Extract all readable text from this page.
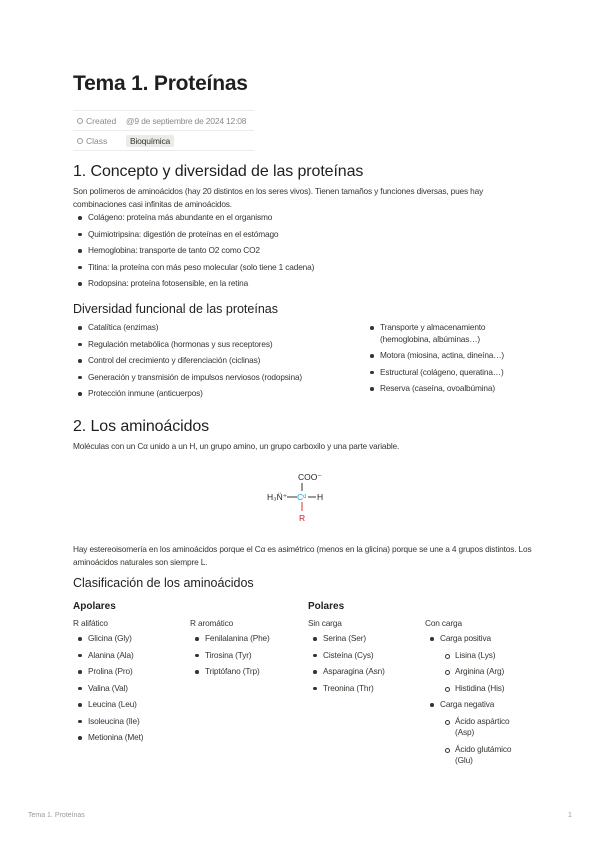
Tema 1. Proteínas
Created	@9 de septiembre de 2024 12:08
Class	Bioquímica
1. Concepto y diversidad de las proteínas

Son polímeros de aminoácidos (hay 20 distintos en los seres vivos). Tienen tamaños y funciones diversas, pues hay combinaciones casi infinitas de aminoácidos.

Colágeno: proteína más abundante en el organismo
Quimiotripsina: digestión de proteínas en el estómago
Hemoglobina: transporte de tanto O2 como CO2
Titina: la proteína con más peso molecular (solo tiene 1 cadena)
Rodopsina: proteína fotosensible, en la retina
Diversidad funcional de las proteínas
Catalítica (enzimas)
Regulación metabólica (hormonas y sus receptores)
Control del crecimiento y diferenciación (ciclinas)
Generación y transmisión de impulsos nerviosos (rodopsina)
Protección inmune (anticuerpos)
Transporte y almacenamiento (hemoglobina, albúminas…)
Motora (miosina, actina, dineína…)
Estructural (colágeno, queratina…)
Reserva (caseína, ovoalbúmina)
2. Los aminoácidos

Moléculas con un Cα unido a un H, un grupo amino, un grupo carboxilo y una parte variable.

COO⁻
H₃N̈⁺ Cᵅ H
R

Hay estereoisomería en los aminoácidos porque el Cα es asimétrico (menos en la glicina) porque se une a 4 grupos distintos. Los aminoácidos naturales son siempre L.

Clasificación de los aminoácidos
Apolares	Polares
R alifático	R aromático	Sin carga	Con carga
Glicina (Gly)
Alanina (Ala)
Prolina (Pro)
Valina (Val)
Leucina (Leu)
Isoleucina (Ile)
Metionina (Met)
Fenilalanina (Phe)
Tirosina (Tyr)
Triptófano (Trp)
Serina (Ser)
Cisteína (Cys)
Asparagina (Asn)
Treonina (Thr)
Carga positiva
Lisina (Lys)
Arginina (Arg)
Histidina (His)
Carga negativa
Ácido aspártico (Asp)
Ácido glutámico (Glu)
Tema 1. Proteínas	1
